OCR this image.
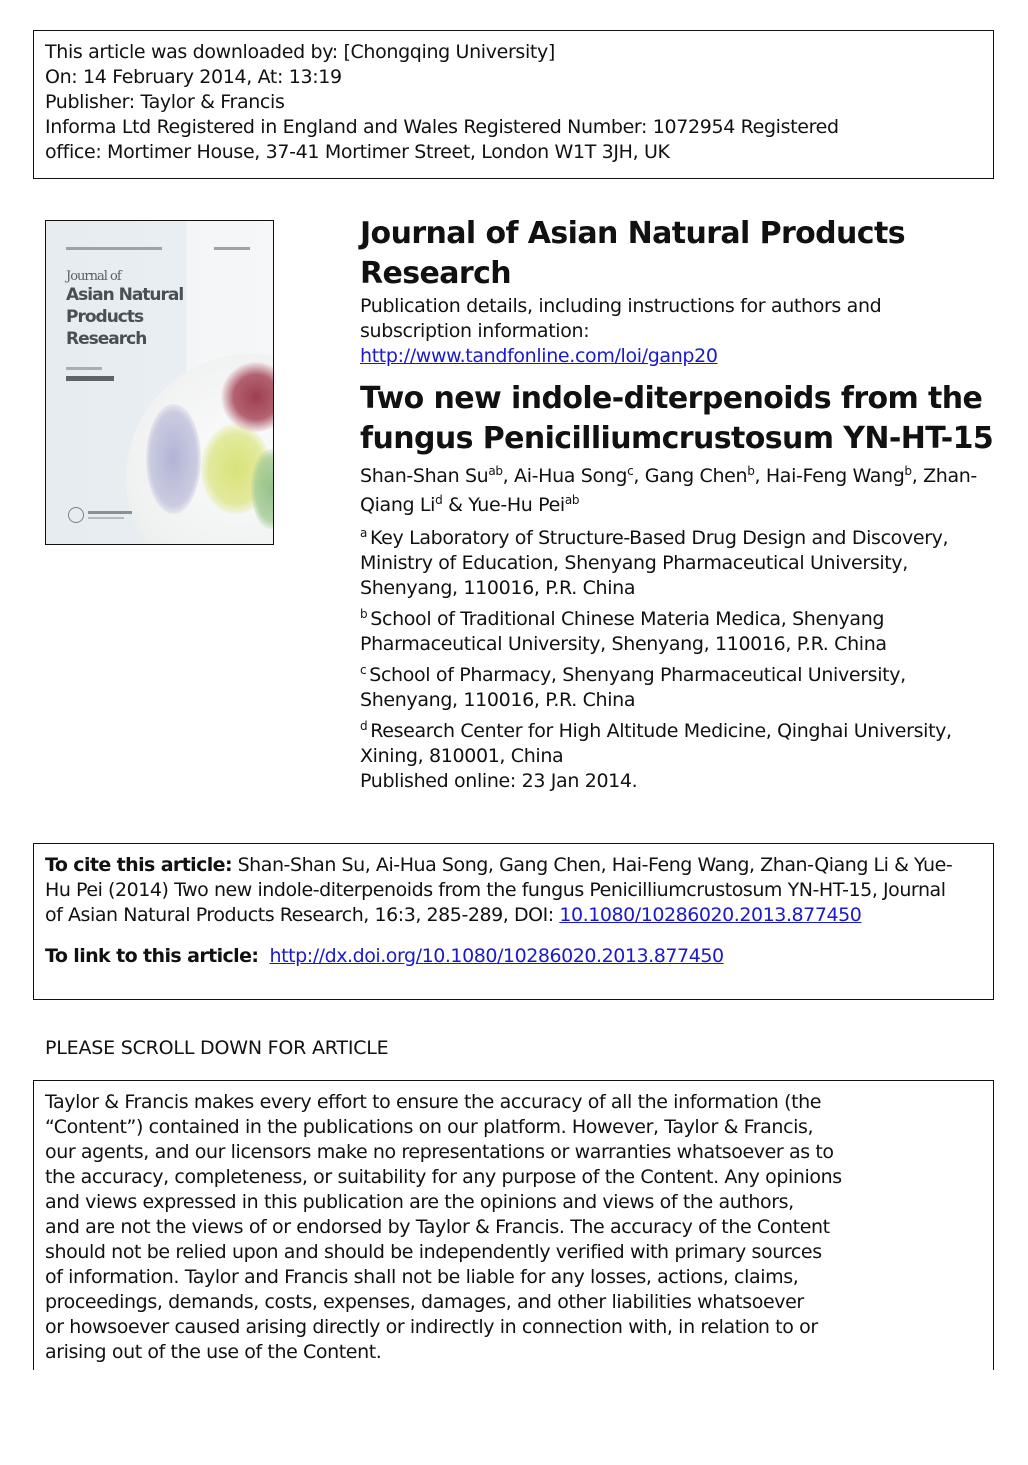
This article was downloaded by: [Chongqing University]
On: 14 February 2014, At: 13:19
Publisher: Taylor & Francis
Informa Ltd Registered in England and Wales Registered Number: 1072954 Registered
office: Mortimer House, 37-41 Mortimer Street, London W1T 3JH, UK
Journal of
Asian Natural
Products
Research
Journal of Asian Natural Products
Research
Publication details, including instructions for authors and
subscription information:
http://www.tandfonline.com/loi/ganp20
Two new indole-diterpenoids from the
fungus Penicilliumcrustosum YN-HT-15
Shan-Shan $Su^{ab}$, Ai-Hua Song$^c$, Gang Chen$^b$, Hai-Feng Wang$^b$, Zhan-Qiang Li$^d$ & Yue-Hu Pei$^{ab}$
$^a$ Key Laboratory of Structure-Based Drug Design and Discovery,
Ministry of Education, Shenyang Pharmaceutical University,
Shenyang, 110016, P.R. China
$^b$ School of Traditional Chinese Materia Medica, Shenyang
Pharmaceutical University, Shenyang, 110016, P.R. China
$^c$ School of Pharmacy, Shenyang Pharmaceutical University,
Shenyang, 110016, P.R. China
$^d$ Research Center for High Altitude Medicine, Qinghai University,
Xining, 810001, China
Published online: 23 Jan 2014.
To cite this article: Shan-Shan Su, Ai-Hua Song, Gang Chen, Hai-Feng Wang, Zhan-Qiang Li & Yue-
Hu Pei (2014) Two new indole-diterpenoids from the fungus Penicilliumcrustosum YN-HT-15, Journal
of Asian Natural Products Research, 16:3, 285-289, DOI: 10.1080/10286020.2013.877450
To link to this article: http://dx.doi.org/10.1080/10286020.2013.877450
PLEASE SCROLL DOWN FOR ARTICLE
Taylor & Francis makes every effort to ensure the accuracy of all the information (the
“Content”) contained in the publications on our platform. However, Taylor & Francis,
our agents, and our licensors make no representations or warranties whatsoever as to
the accuracy, completeness, or suitability for any purpose of the Content. Any opinions
and views expressed in this publication are the opinions and views of the authors,
and are not the views of or endorsed by Taylor & Francis. The accuracy of the Content
should not be relied upon and should be independently verified with primary sources
of information. Taylor and Francis shall not be liable for any losses, actions, claims,
proceedings, demands, costs, expenses, damages, and other liabilities whatsoever
or howsoever caused arising directly or indirectly in connection with, in relation to or
arising out of the use of the Content.
